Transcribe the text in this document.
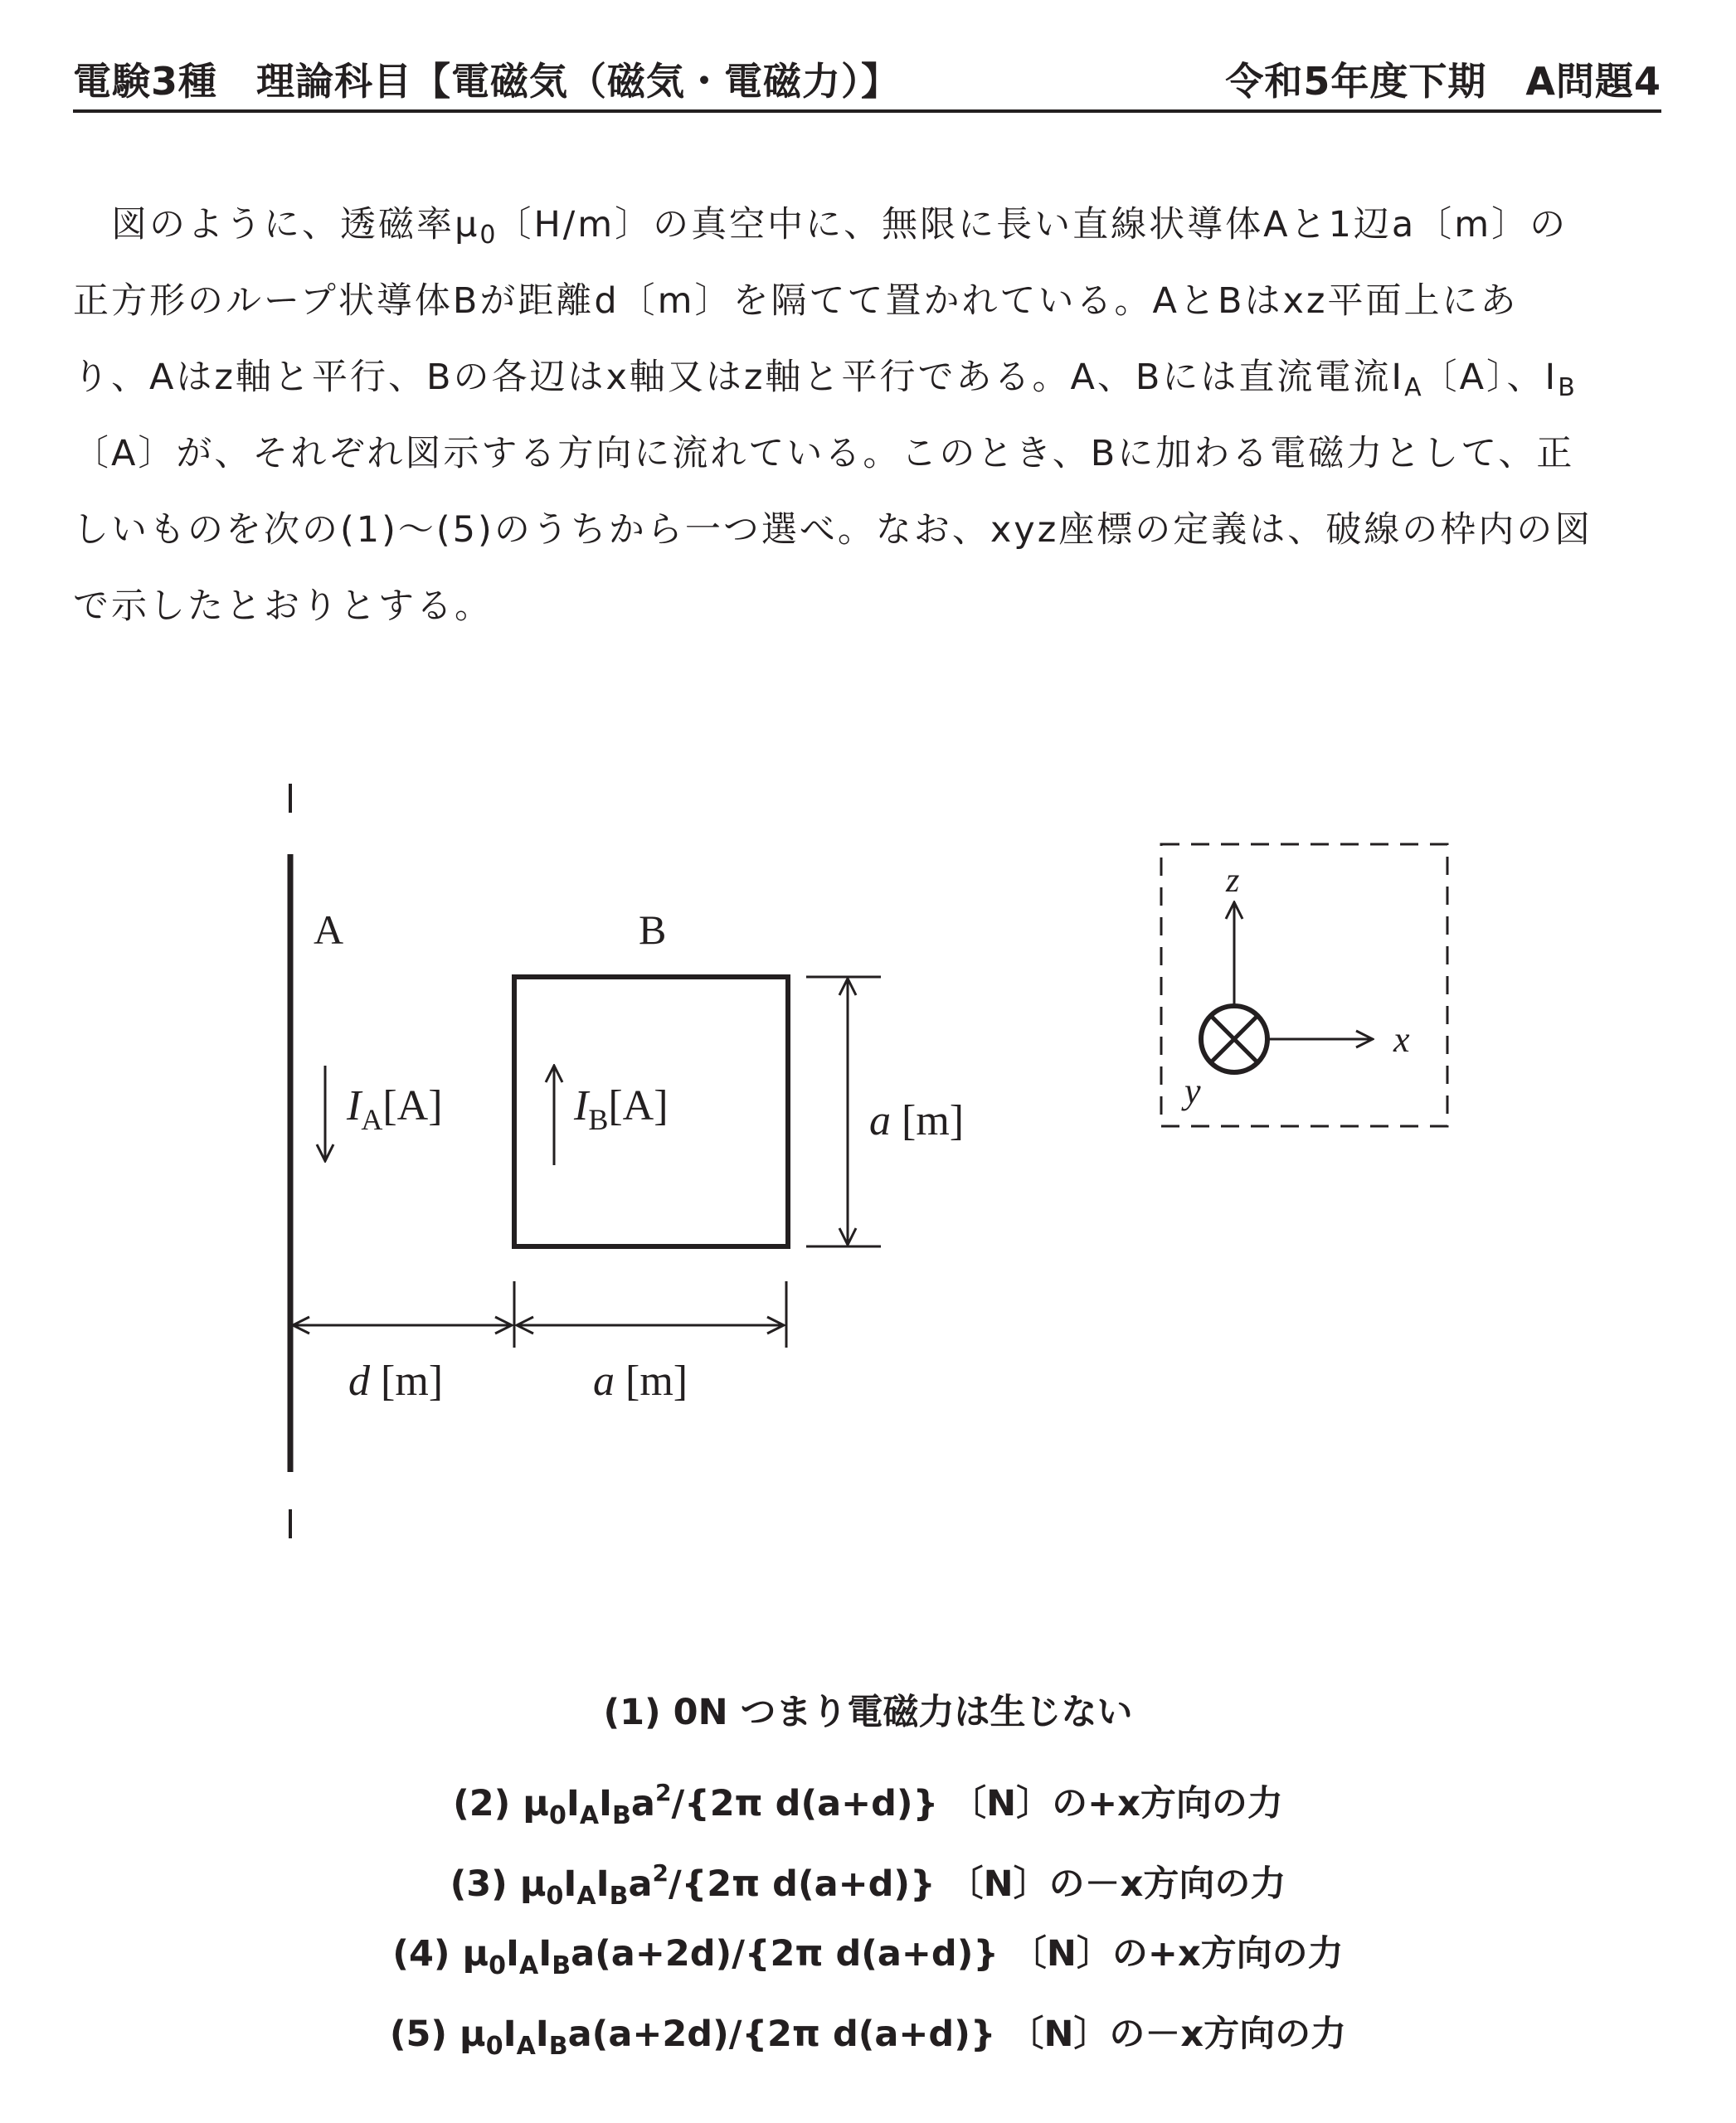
電験3種　理論科目【電磁気（磁気・電磁力）】	令和5年度下期　A問題4
図のように、透磁率$\mu_0$〔H/m〕の真空中に、無限に長い直線状導体Aと1辺a〔m〕の
正方形のループ状導体Bが距離d〔m〕を隔てて置かれている。AとBはxz平面上にあ
り、Aはz軸と平行、Bの各辺はx軸又はz軸と平行である。A、Bには直流電流$I_A$〔A〕、$I_B$
〔A〕が、それぞれ図示する方向に流れている。このとき、Bに加わる電磁力として、正
しいものを次の(1)〜(5)のうちから一つ選べ。なお、xyz座標の定義は、破線の枠内の図
で示したとおりとする。
A
$I_A[A]$
B
$I_B[A]$	a [m]
d [m]	a [m]
z
x
y
(1) 0N つまり電磁力は生じない
(2) $\mu_0I_AI_Ba^2/\{2\pi$ d(a+d)} 〔N〕の+x方向の力
(3) $\mu_0I_AI_Ba^2/\{2\pi$ d(a+d)} 〔N〕の－x方向の力
(4) $\mu_0I_AI_Ba(a+2d)/\{2\pi$ d(a+d)} 〔N〕の+x方向の力
(5) $\mu_0I_AI_Ba(a+2d)/\{2\pi$ d(a+d)} 〔N〕の－x方向の力
